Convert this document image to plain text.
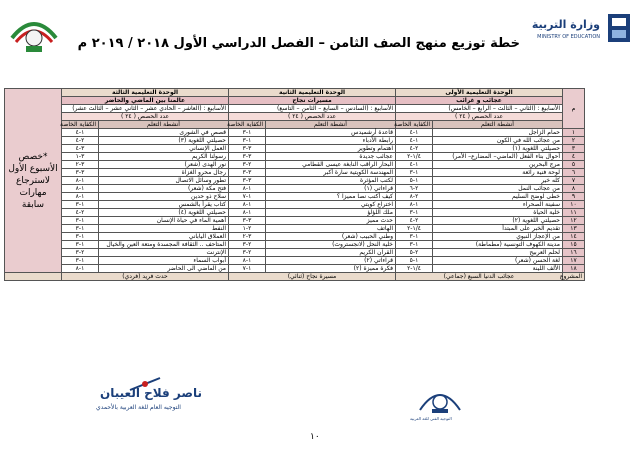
وزارة التربية
MINISTRY OF EDUCATION
خطة توزيع منهج الصف الثامن – الفصل الدراسي الأول ٢٠١٨ / ٢٠١٩ م
م	الوحدة التعليمية الأولى		الوحدة التعليمية الثانية		الوحدة التعليمية الثالثة		*خصص الأسبوع الأول لاسترجاع مهارات سابقة
	عجائب و غرائب		مسيرات نجاح		عالمنا بين الماضي والحاضر		
	الأسابيع : (الثاني – الثالث – الرابع – الخامس)		الأسابيع : (السادس – السابع – الثامن – التاسع)		الأسابيع : (العاشر – الحادي عشر – الثاني عشر – الثالث عشر)		
	عدد الحصص ( ٢٤ )		عدد الحصص ( ٢٤ )		عدد الحصص ( ٢٤ )		
	أنشطة التعلم	الكفاية الخاصة	أنشطة التعلم	الكفاية الخاصة	أنشطة التعلم	الكفاية الخاصة	
١	حمام الزاجل	١-٤	قاعدة أرشميدس	١-٣	قصص في الشورى	١-٤	
٢	من عجائب الله في الكون	١-٤	رابطة الأدباء	١-٣	حصيلتي اللغوية (٣)	٢-٤	
٣	حصيلتي اللغوية (١)	٢-٤	اهتمام وتطوير	٣-٣	العمل الإنساني	٣-٤	
٤	أحوال بناء الفعل (الماضي– المضارع– الأمر)	١/٤-٢	عجائب جديدة	٣-٣	رسولنا الكريم	٣-١	
٥	مرج البحرين	١-٤	البحار الراقب النابغة عيسى القطامي	٢-٣	نور الهدى (شعر)	٣-٢	
٦	لوحة فنية رائعة	١-٣	المهندسة الكويتية سارة أكبر	٣-٣	رجال محرو الغزاة	٣-٣	
٧	كله خير	١-٥	لكتب المؤثرة	٣-٣	تطور وسائل الاتصال	١-٨	
٨	من عجائب النمل	٢-٦	قراءاتي (١)	١-٨	فتح مكة (شعر)	١-٨	
٩	خطى لوضح السليم	٢-٨	كيف أكتب نصا مميزا ؟	١-٧	سلاح ذو حدين	١-٨	
١٠	سفينة الصحراء	١-٨	اختراع كويتي	١-٨	كتاب يقرأ بالشمس	١-٣	
١١	خلية الحياة	١-٣	ملك اللؤلؤ	١-٨	حصيلتي اللغوية (٤)	٢-٤	
١٢	حصيلتي اللغوية (٢)	٢-٤	حدث مميز	٣-٣	أهمية الماء في حياة الإنسان	١-٣	
١٣	تقديم الخبر على المبتدأ	١/٤-٢	الهاتف	٢-١	النفط	١-٣	
١٤	من الإعجاز النبوي	١-٣	وطني الحبيب (شعر)	٣-٢	العملاق الياباني	١-٣	
١٥	مدينة الكهوف التونسية (مطماطة)	١-٣	خلية النحل (لانجستروث)	٢-٣	المتاحف .. الثقافة المجسدة ومتعة العين والخيال	١-٣	
١٦	لحلم العربيح	٢-٥	القرآن الكريم	٢-٣	الإنترنت	٢-٣	
١٧	لغة الحسن (شعر)	١-٥	قراءاتي (٢)	١-٨	أبواب السماء	١-٣	
١٨	الألف اللينة	١/٤-٢	فكرة مميزة (٢)	١-٧	من الماضي الى الحاضر	١-٨	
المشروع	عجائب الدنيا السبع (جماعي)		مسيرة نجاح (ثنائي)		حدث فريد (فردي)		
ناصر فلاح العيبان
التوجيه العام للغة العربية بالأحمدي
التوجيه الفني للغة العربية
١٠
